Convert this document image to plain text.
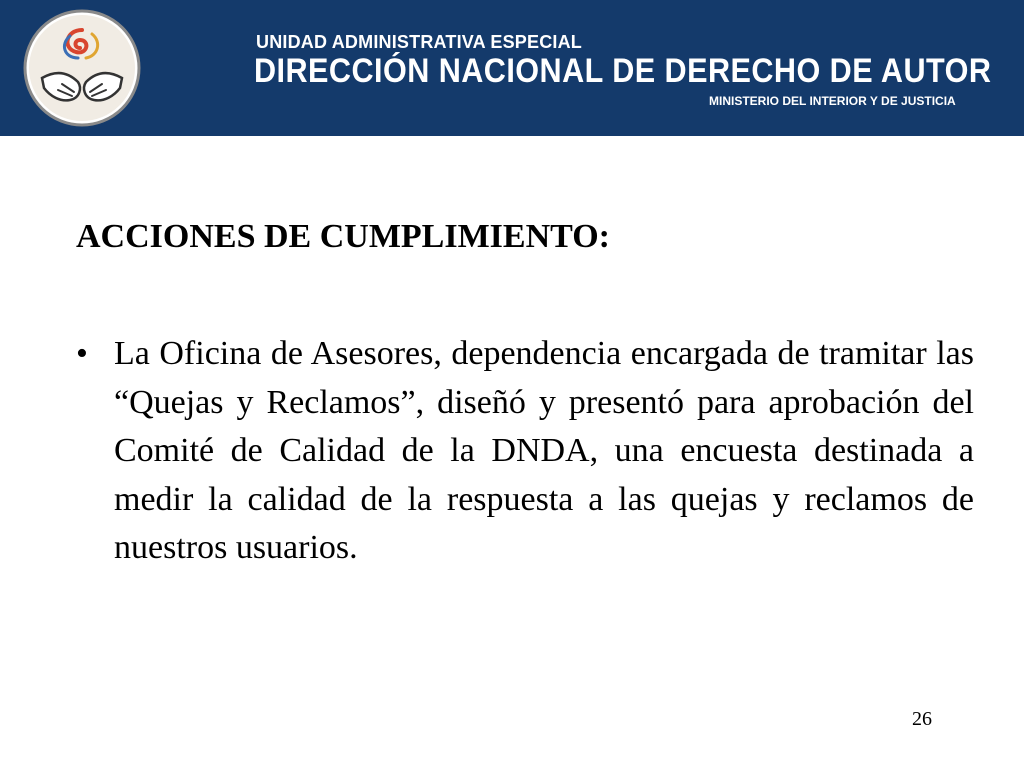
UNIDAD ADMINISTRATIVA ESPECIAL
DIRECCIÓN NACIONAL DE DERECHO DE AUTOR
MINISTERIO DEL INTERIOR Y DE JUSTICIA
ACCIONES DE CUMPLIMIENTO:
• La Oficina de Asesores, dependencia encargada de tramitar las “Quejas y Reclamos”, diseñó y presentó para aprobación del Comité de Calidad de la DNDA, una encuesta destinada a medir la calidad de la respuesta a las quejas y reclamos de nuestros usuarios.

26
